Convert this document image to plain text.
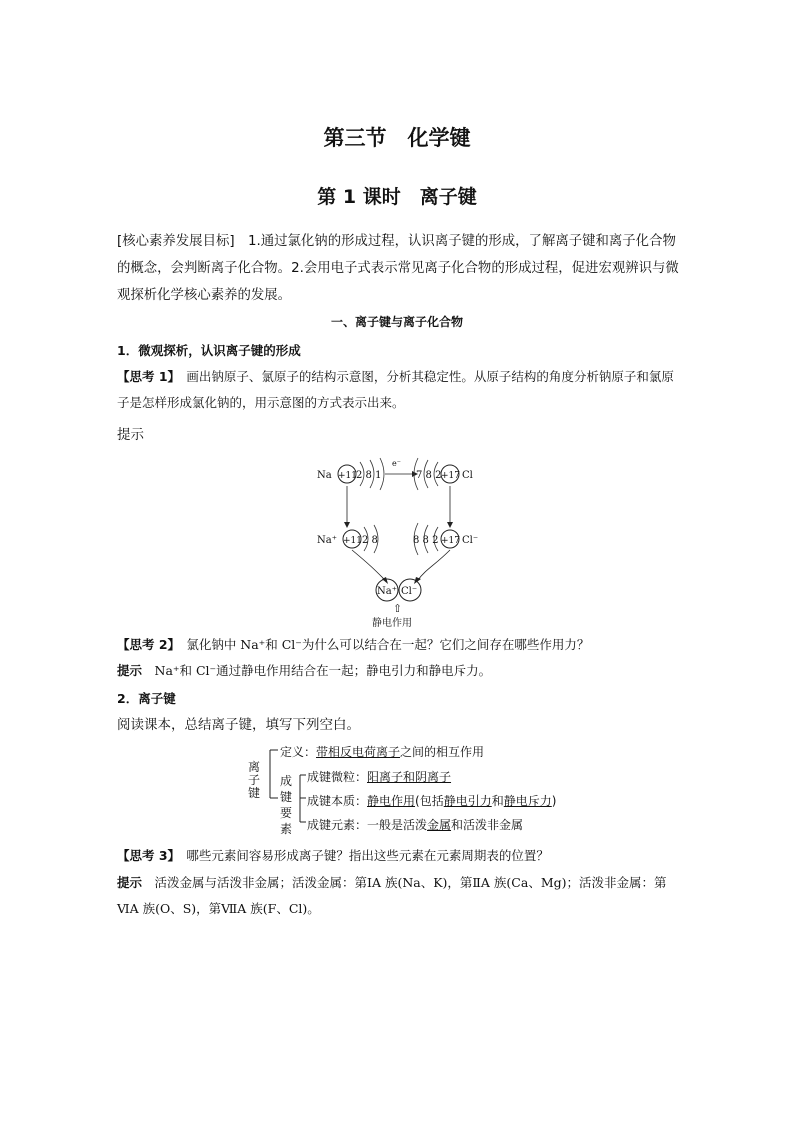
第三节　化学键
第 1 课时　离子键
[核心素养发展目标]　1.通过氯化钠的形成过程，认识离子键的形成，了解离子键和离子化合物的概念，会判断离子化合物。2.会用电子式表示常见离子化合物的形成过程，促进宏观辨识与微观探析化学核心素养的发展。
一、离子键与离子化合物
1．微观探析，认识离子键的形成
【思考 1】　画出钠原子、氯原子的结构示意图，分析其稳定性。从原子结构的角度分析钠原子和氯原子是怎样形成氯化钠的，用示意图的方式表示出来。
提示
Na +11 2 8 1
e⁻
7 8 2 +17 Cl
Na⁺ +11 2 8	8 8 2 +17 Cl⁻
Na⁺ Cl⁻
⇧
静电作用
【思考 2】　氯化钠中 Na⁺和 Cl⁻为什么可以结合在一起？它们之间存在哪些作用力？
提示　Na⁺和 Cl⁻通过静电作用结合在一起；静电引力和静电斥力。
2．离子键
阅读课本，总结离子键，填写下列空白。
离
子
键
成
键
要
素
定义：带相反电荷离子之间的相互作用
成键微粒：阳离子和阴离子
成键本质：静电作用(包括静电引力和静电斥力)
成键元素：一般是活泼金属和活泼非金属
【思考 3】　哪些元素间容易形成离子键？指出这些元素在元素周期表的位置？
提示　活泼金属与活泼非金属；活泼金属：第ⅠA 族(Na、K)，第ⅡA 族(Ca、Mg)；活泼非金属：第ⅥA 族(O、S)，第ⅦA 族(F、Cl)。
